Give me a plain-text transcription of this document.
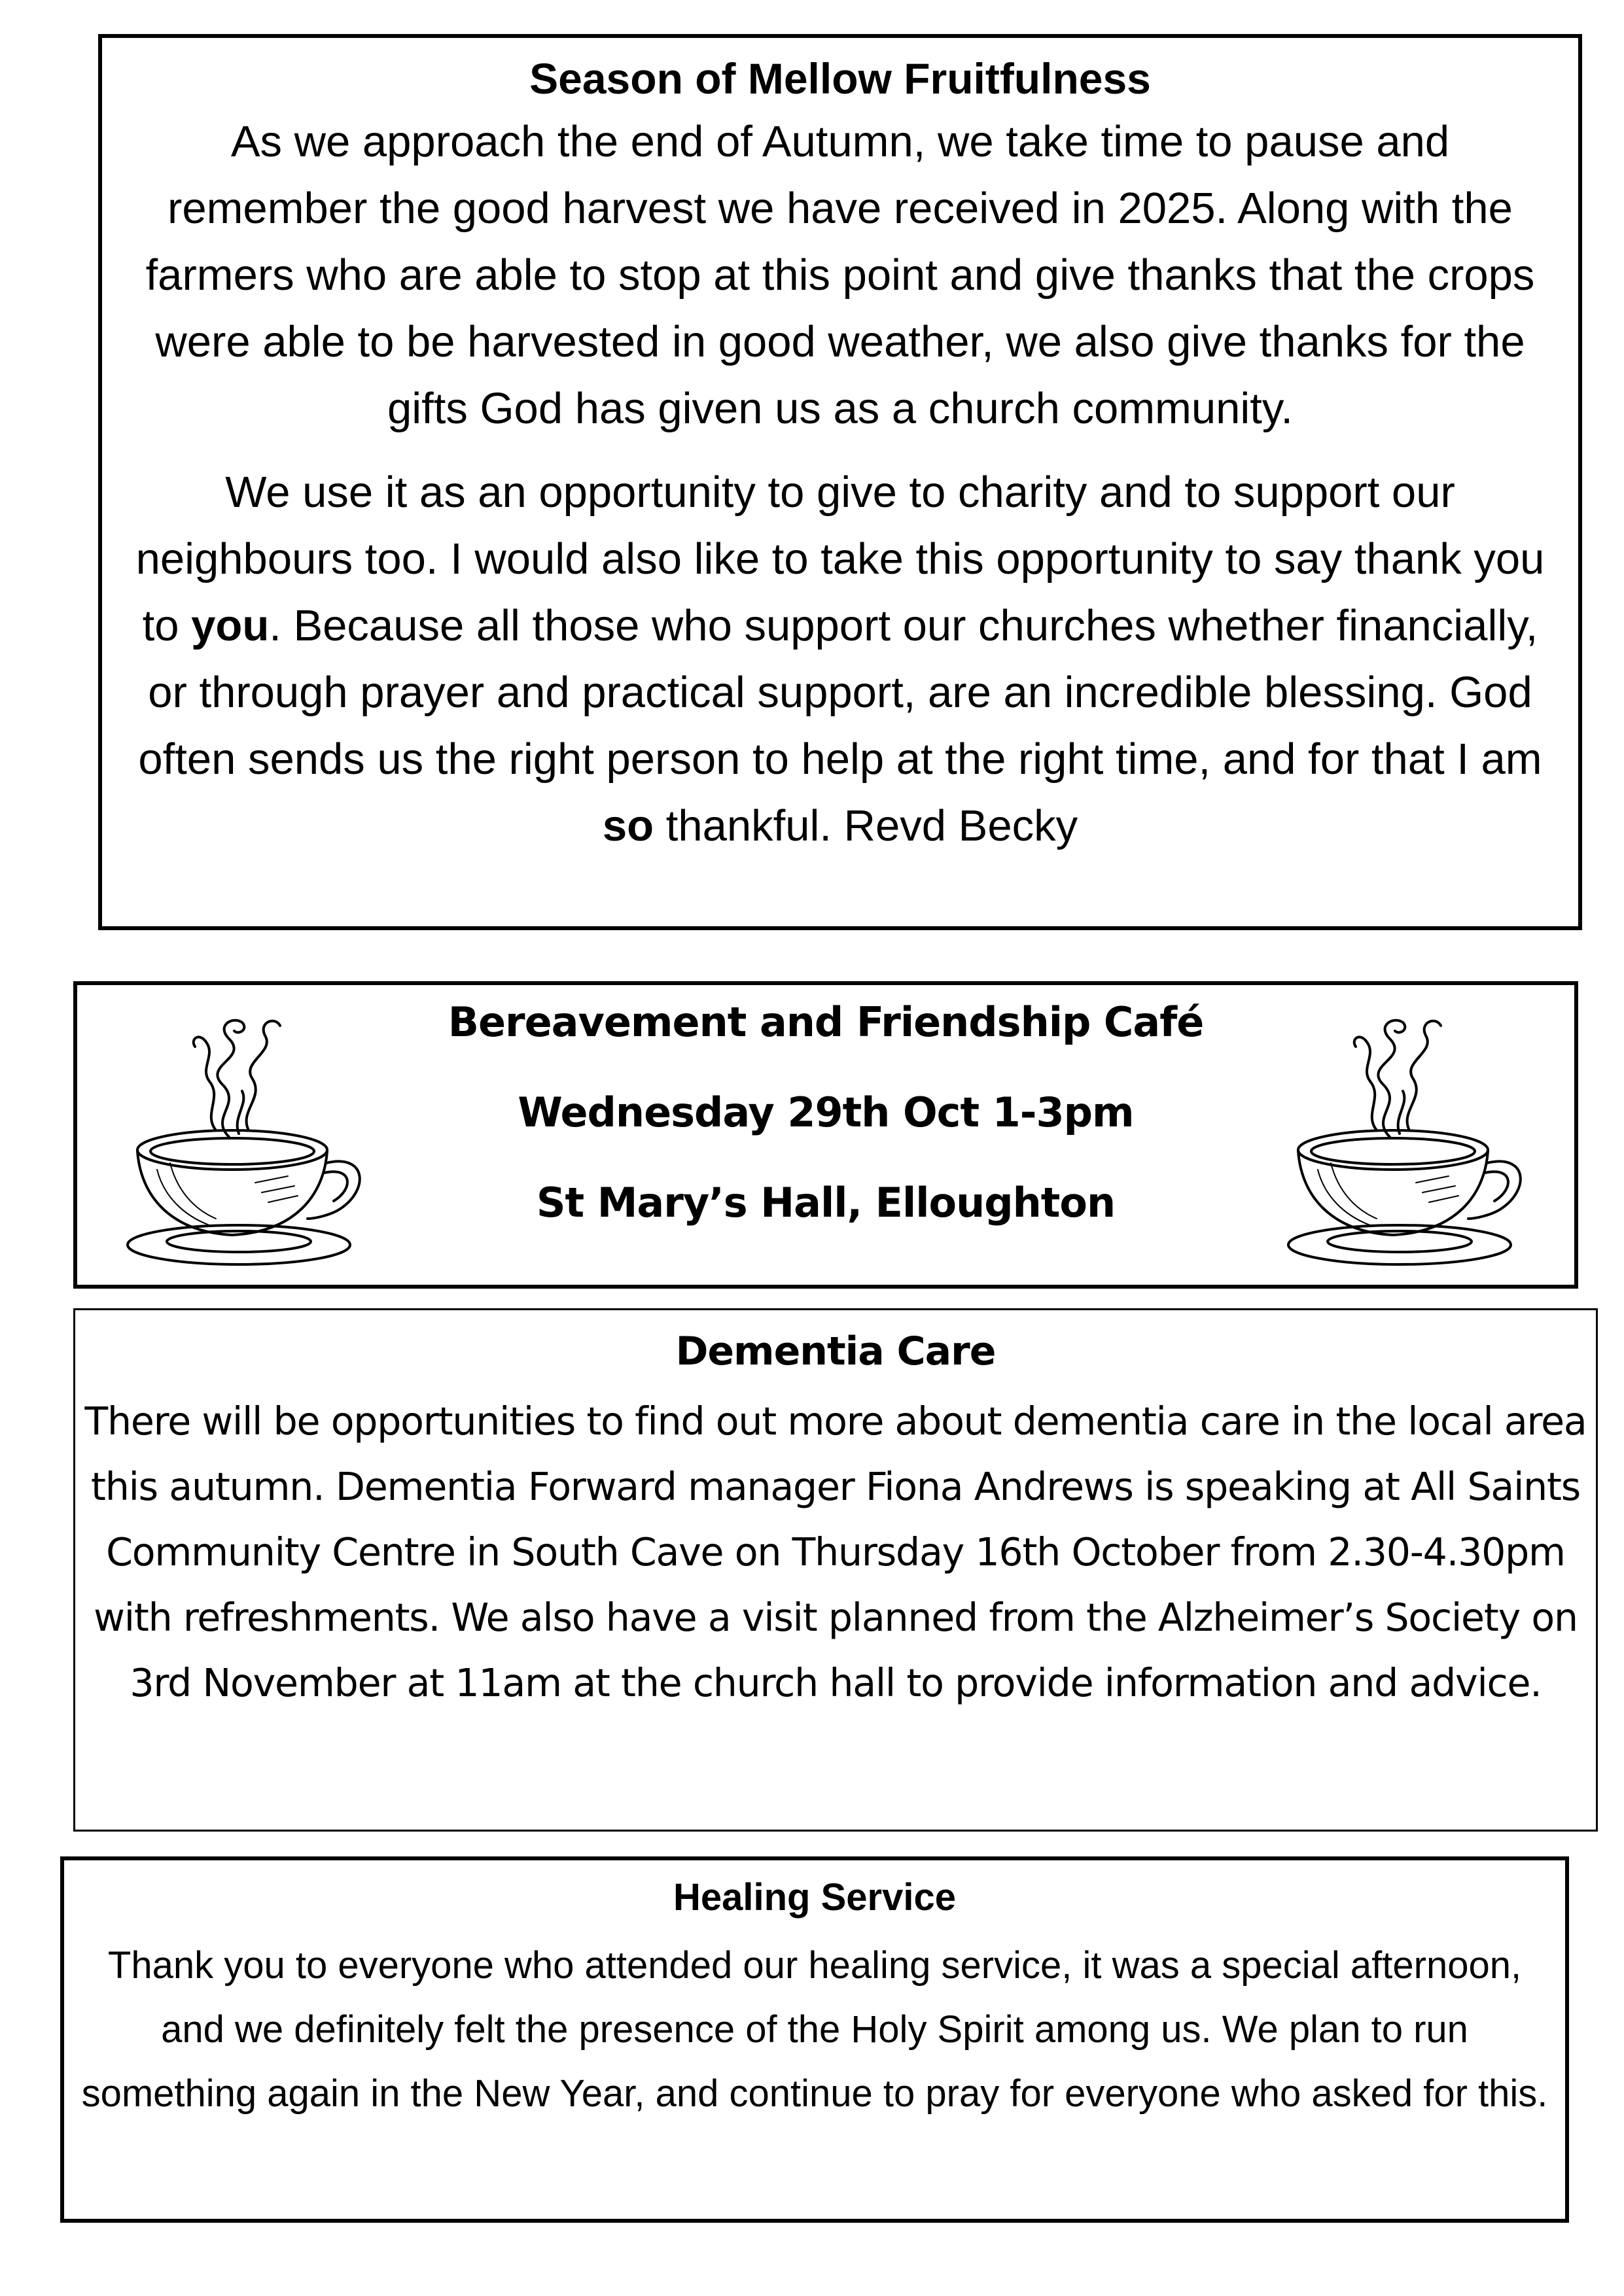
Season of Mellow Fruitfulness

As we approach the end of Autumn, we take time to pause and remember the good harvest we have received in 2025. Along with the farmers who are able to stop at this point and give thanks that the crops were able to be harvested in good weather, we also give thanks for the gifts God has given us as a church community.

We use it as an opportunity to give to charity and to support our neighbours too. I would also like to take this opportunity to say thank you to you. Because all those who support our churches whether financially, or through prayer and practical support, are an incredible blessing. God often sends us the right person to help at the right time, and for that I am so thankful. Revd Becky

Bereavement and Friendship Café
Wednesday 29th Oct 1-3pm
St Mary’s Hall, Elloughton
Dementia Care

There will be opportunities to find out more about dementia care in the local area this autumn. Dementia Forward manager Fiona Andrews is speaking at All Saints Community Centre in South Cave on Thursday 16th October from 2.30-4.30pm with refreshments. We also have a visit planned from the Alzheimer’s Society on 3rd November at 11am at the church hall to provide information and advice.

Healing Service

Thank you to everyone who attended our healing service, it was a special afternoon, and we definitely felt the presence of the Holy Spirit among us. We plan to run something again in the New Year, and continue to pray for everyone who asked for this.
